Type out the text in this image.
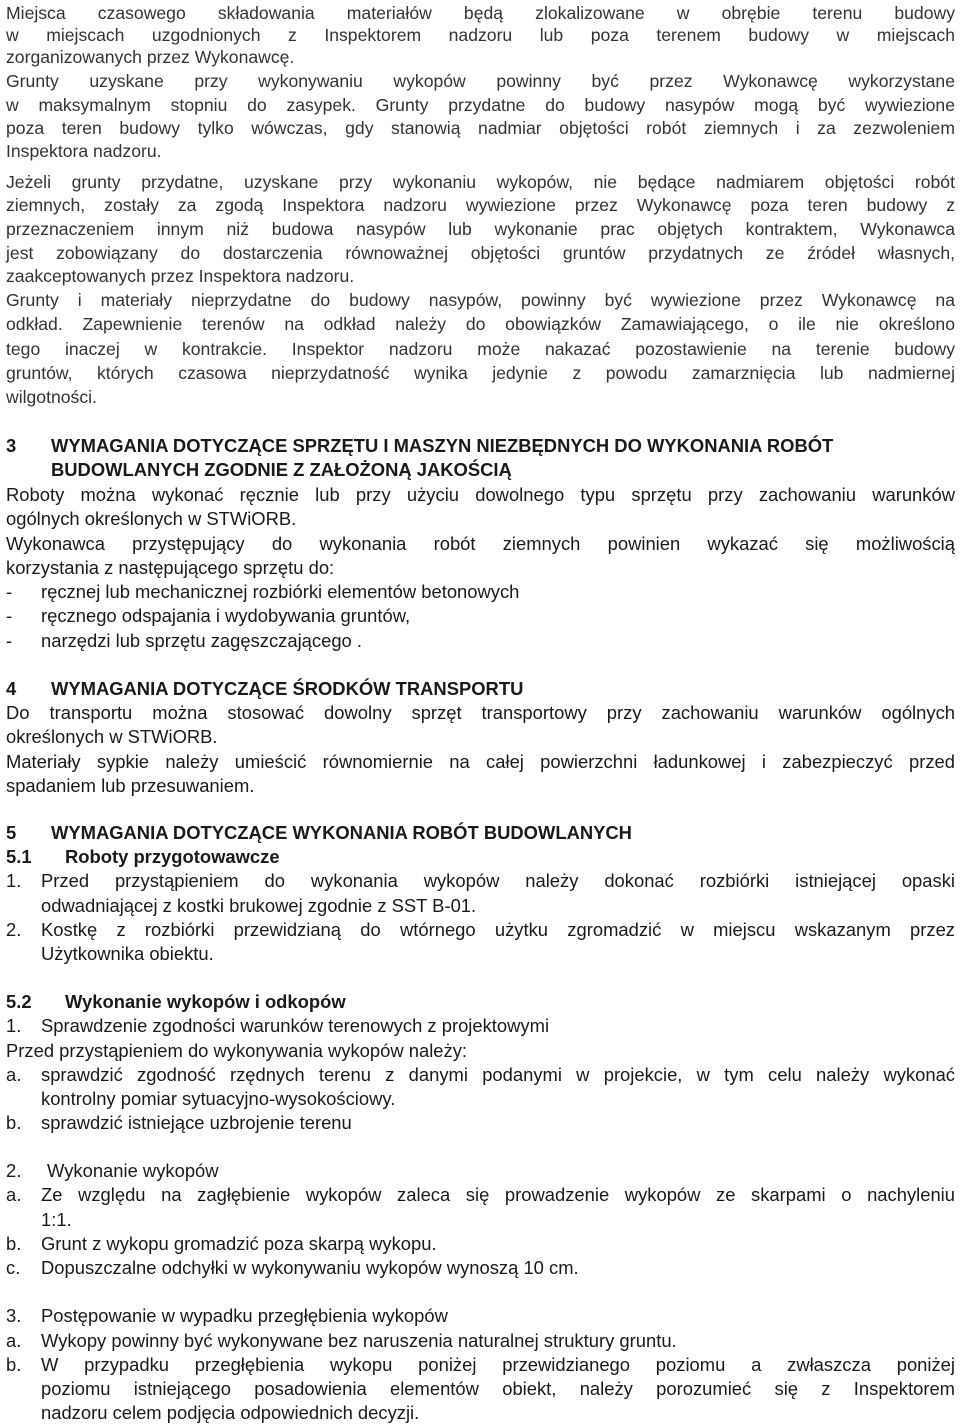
Miejsca czasowego składowania materiałów będą zlokalizowane w obrębie terenu budowy
w miejscach uzgodnionych z Inspektorem nadzoru lub poza terenem budowy w miejscach
zorganizowanych przez Wykonawcę.
Grunty uzyskane przy wykonywaniu wykopów powinny być przez Wykonawcę wykorzystane
w maksymalnym stopniu do zasypek. Grunty przydatne do budowy nasypów mogą być wywiezione
poza teren budowy tylko wówczas, gdy stanowią nadmiar objętości robót ziemnych i za zezwoleniem
Inspektora nadzoru.
Jeżeli grunty przydatne, uzyskane przy wykonaniu wykopów, nie będące nadmiarem objętości robót
ziemnych, zostały za zgodą Inspektora nadzoru wywiezione przez Wykonawcę poza teren budowy z
przeznaczeniem innym niż budowa nasypów lub wykonanie prac objętych kontraktem, Wykonawca
jest zobowiązany do dostarczenia równoważnej objętości gruntów przydatnych ze źródeł własnych,
zaakceptowanych przez Inspektora nadzoru.
Grunty i materiały nieprzydatne do budowy nasypów, powinny być wywiezione przez Wykonawcę na
odkład. Zapewnienie terenów na odkład należy do obowiązków Zamawiającego, o ile nie określono
tego inaczej w kontrakcie. Inspektor nadzoru może nakazać pozostawienie na terenie budowy
gruntów, których czasowa nieprzydatność wynika jedynie z powodu zamarznięcia lub nadmiernej
wilgotności.
3 WYMAGANIA DOTYCZĄCE SPRZĘTU I MASZYN NIEZBĘDNYCH DO WYKONANIA ROBÓT
BUDOWLANYCH ZGODNIE Z ZAŁOŻONĄ JAKOŚCIĄ
Roboty można wykonać ręcznie lub przy użyciu dowolnego typu sprzętu przy zachowaniu warunków
ogólnych określonych w STWiORB.
Wykonawca przystępujący do wykonania robót ziemnych powinien wykazać się możliwością
korzystania z następującego sprzętu do:
- ręcznej lub mechanicznej rozbiórki elementów betonowych
- ręcznego odspajania i wydobywania gruntów,
- narzędzi lub sprzętu zagęszczającego .
4 WYMAGANIA DOTYCZĄCE ŚRODKÓW TRANSPORTU
Do transportu można stosować dowolny sprzęt transportowy przy zachowaniu warunków ogólnych
określonych w STWiORB.
Materiały sypkie należy umieścić równomiernie na całej powierzchni ładunkowej i zabezpieczyć przed
spadaniem lub przesuwaniem.
5 WYMAGANIA DOTYCZĄCE WYKONANIA ROBÓT BUDOWLANYCH
5.1 Roboty przygotowawcze
1. Przed przystąpieniem do wykonania wykopów należy dokonać rozbiórki istniejącej opaski
odwadniającej z kostki brukowej zgodnie z SST B-01.
2. Kostkę z rozbiórki przewidzianą do wtórnego użytku zgromadzić w miejscu wskazanym przez
Użytkownika obiektu.
5.2 Wykonanie wykopów i odkopów
1. Sprawdzenie zgodności warunków terenowych z projektowymi
Przed przystąpieniem do wykonywania wykopów należy:
a. sprawdzić zgodność rzędnych terenu z danymi podanymi w projekcie, w tym celu należy wykonać
kontrolny pomiar sytuacyjno-wysokościowy.
b. sprawdzić istniejące uzbrojenie terenu
2. Wykonanie wykopów
a. Ze względu na zagłębienie wykopów zaleca się prowadzenie wykopów ze skarpami o nachyleniu
1:1.
b. Grunt z wykopu gromadzić poza skarpą wykopu.
c. Dopuszczalne odchyłki w wykonywaniu wykopów wynoszą 10 cm.
3. Postępowanie w wypadku przegłębienia wykopów
a. Wykopy powinny być wykonywane bez naruszenia naturalnej struktury gruntu.
b. W przypadku przegłębienia wykopu poniżej przewidzianego poziomu a zwłaszcza poniżej
poziomu istniejącego posadowienia elementów obiekt, należy porozumieć się z Inspektorem
nadzoru celem podjęcia odpowiednich decyzji.
